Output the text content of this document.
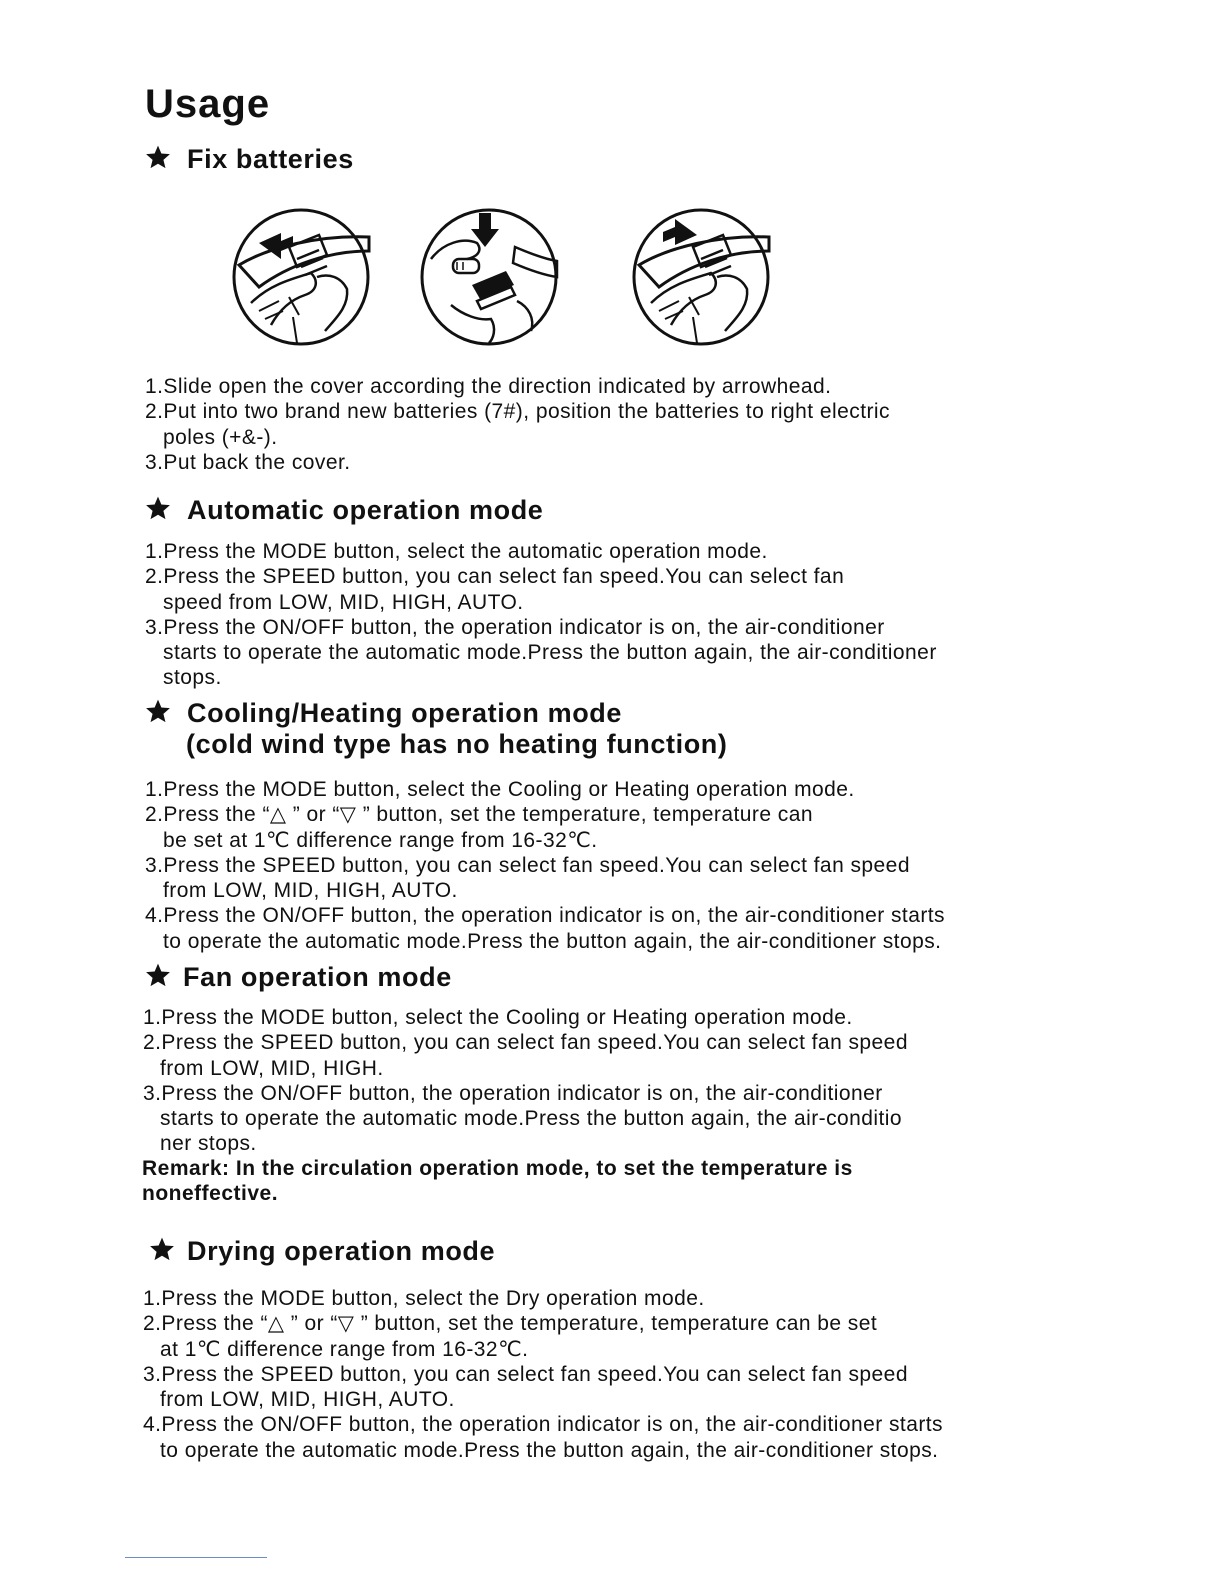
Usage
Fix batteries
1.Slide open the cover according the direction indicated by arrowhead.
2.Put into two brand new batteries (7#), position the batteries to right electric
poles (+&-).
3.Put back the cover.
Automatic operation mode
1.Press the MODE button, select the automatic operation mode.
2.Press the SPEED button, you can select fan speed.You can select fan
speed from LOW, MID, HIGH, AUTO.
3.Press the ON/OFF button, the operation indicator is on, the air-conditioner
starts to operate the automatic mode.Press the button again, the air-conditioner
stops.
Cooling/Heating operation mode
(cold wind type has no heating function)
1.Press the MODE button, select the Cooling or Heating operation mode.
2.Press the “△ ” or “▽ ” button, set the temperature, temperature can
be set at 1℃ difference range from 16-32℃.
3.Press the SPEED button, you can select fan speed.You can select fan speed
from LOW, MID, HIGH, AUTO.
4.Press the ON/OFF button, the operation indicator is on, the air-conditioner starts
to operate the automatic mode.Press the button again, the air-conditioner stops.
Fan operation mode
1.Press the MODE button, select the Cooling or Heating operation mode.
2.Press the SPEED button, you can select fan speed.You can select fan speed
from LOW, MID, HIGH.
3.Press the ON/OFF button, the operation indicator is on, the air-conditioner
starts to operate the automatic mode.Press the button again, the air-conditio
ner stops.
Remark: In the circulation operation mode, to set the temperature is
noneffective.
Drying operation mode
1.Press the MODE button, select the Dry operation mode.
2.Press the “△ ” or “▽ ” button, set the temperature, temperature can be set
at 1℃ difference range from 16-32℃.
3.Press the SPEED button, you can select fan speed.You can select fan speed
from LOW, MID, HIGH, AUTO.
4.Press the ON/OFF button, the operation indicator is on, the air-conditioner starts
to operate the automatic mode.Press the button again, the air-conditioner stops.
